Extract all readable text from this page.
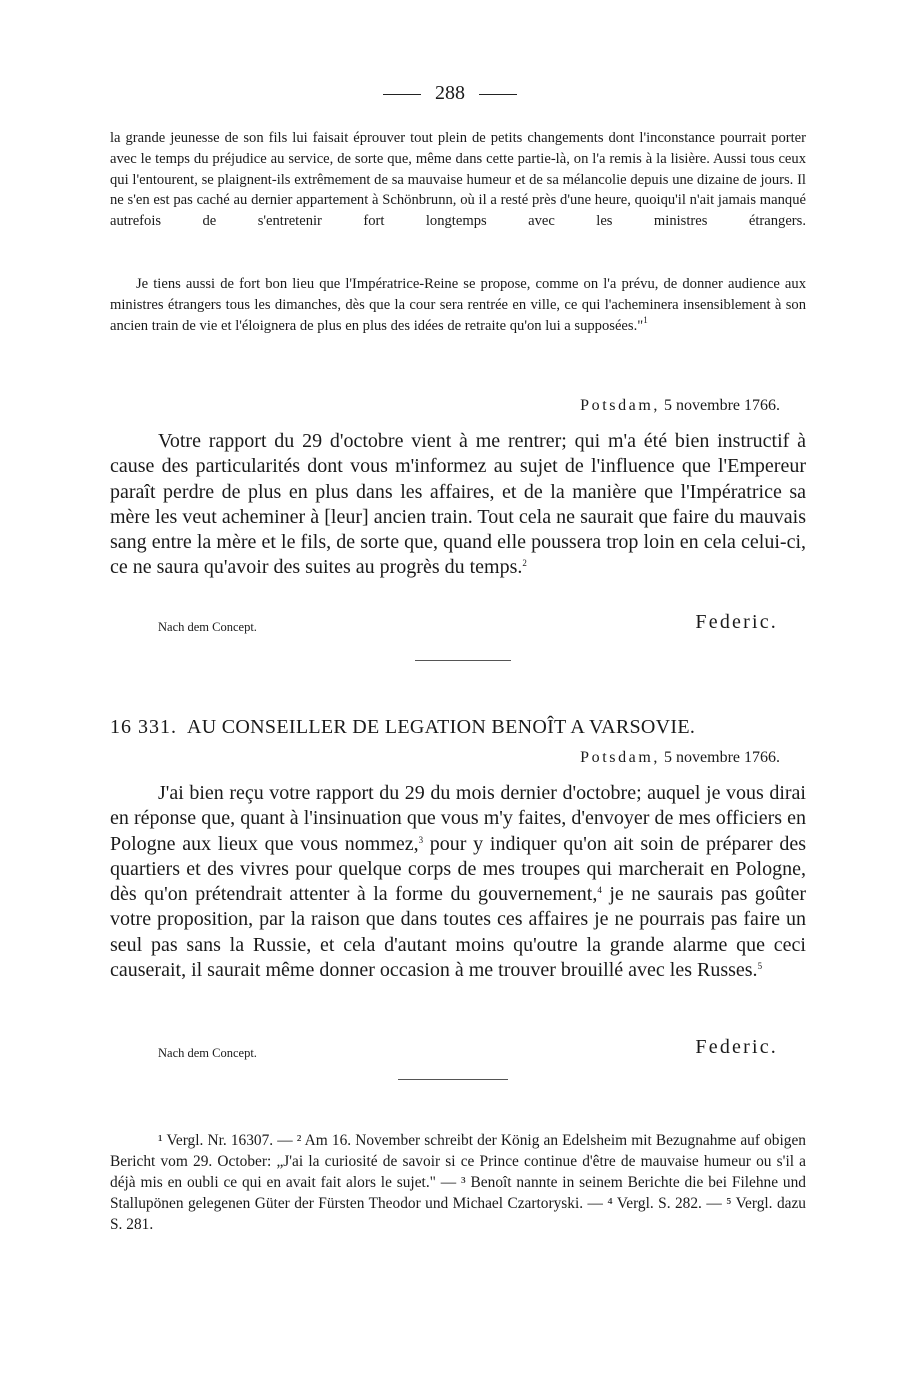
288
la grande jeunesse de son fils lui faisait éprouver tout plein de petits changements dont l'inconstance pourrait porter avec le temps du préjudice au service, de sorte que, même dans cette partie-là, on l'a remis à la lisière. Aussi tous ceux qui l'entourent, se plaignent-ils extrêmement de sa mauvaise humeur et de sa mélancolie depuis une dizaine de jours. Il ne s'en est pas caché au dernier appartement à Schönbrunn, où il a resté près d'une heure, quoiqu'il n'ait jamais manqué autrefois de s'entretenir fort longtemps avec les ministres étrangers.
Je tiens aussi de fort bon lieu que l'Impératrice-Reine se propose, comme on l'a prévu, de donner audience aux ministres étrangers tous les dimanches, dès que la cour sera rentrée en ville, ce qui l'acheminera insensiblement à son ancien train de vie et l'éloignera de plus en plus des idées de retraite qu'on lui a supposées."$^1$
Potsdam, 5 novembre 1766.
Votre rapport du 29 d'octobre vient à me rentrer; qui m'a été bien instructif à cause des particularités dont vous m'informez au sujet de l'influence que l'Empereur paraît perdre de plus en plus dans les affaires, et de la manière que l'Impératrice sa mère les veut acheminer à [leur] ancien train. Tout cela ne saurait que faire du mauvais sang entre la mère et le fils, de sorte que, quand elle poussera trop loin en cela celui-ci, ce ne saura qu'avoir des suites au progrès du temps.$^2$
Nach dem Concept.	Federic.
16 331. AU CONSEILLER DE LEGATION BENOÎT A VARSOVIE.
Potsdam, 5 novembre 1766.
J'ai bien reçu votre rapport du 29 du mois dernier d'octobre; auquel je vous dirai en réponse que, quant à l'insinuation que vous m'y faites, d'envoyer de mes officiers en Pologne aux lieux que vous nommez,$^3$ pour y indiquer qu'on ait soin de préparer des quartiers et des vivres pour quelque corps de mes troupes qui marcherait en Pologne, dès qu'on prétendrait attenter à la forme du gouvernement,$^4$ je ne saurais pas goûter votre proposition, par la raison que dans toutes ces affaires je ne pourrais pas faire un seul pas sans la Russie, et cela d'autant moins qu'outre la grande alarme que ceci causerait, il saurait même donner occasion à me trouver brouillé avec les Russes.$^5$
Nach dem Concept.	Federic.
¹ Vergl. Nr. 16307. — ² Am 16. November schreibt der König an Edelsheim mit Bezugnahme auf obigen Bericht vom 29. October: „J'ai la curiosité de savoir si ce Prince continue d'être de mauvaise humeur ou s'il a déjà mis en oubli ce qui en avait fait alors le sujet." — ³ Benoît nannte in seinem Berichte die bei Filehne und Stallupönen gelegenen Güter der Fürsten Theodor und Michael Czartoryski. — ⁴ Vergl. S. 282. — ⁵ Vergl. dazu S. 281.
